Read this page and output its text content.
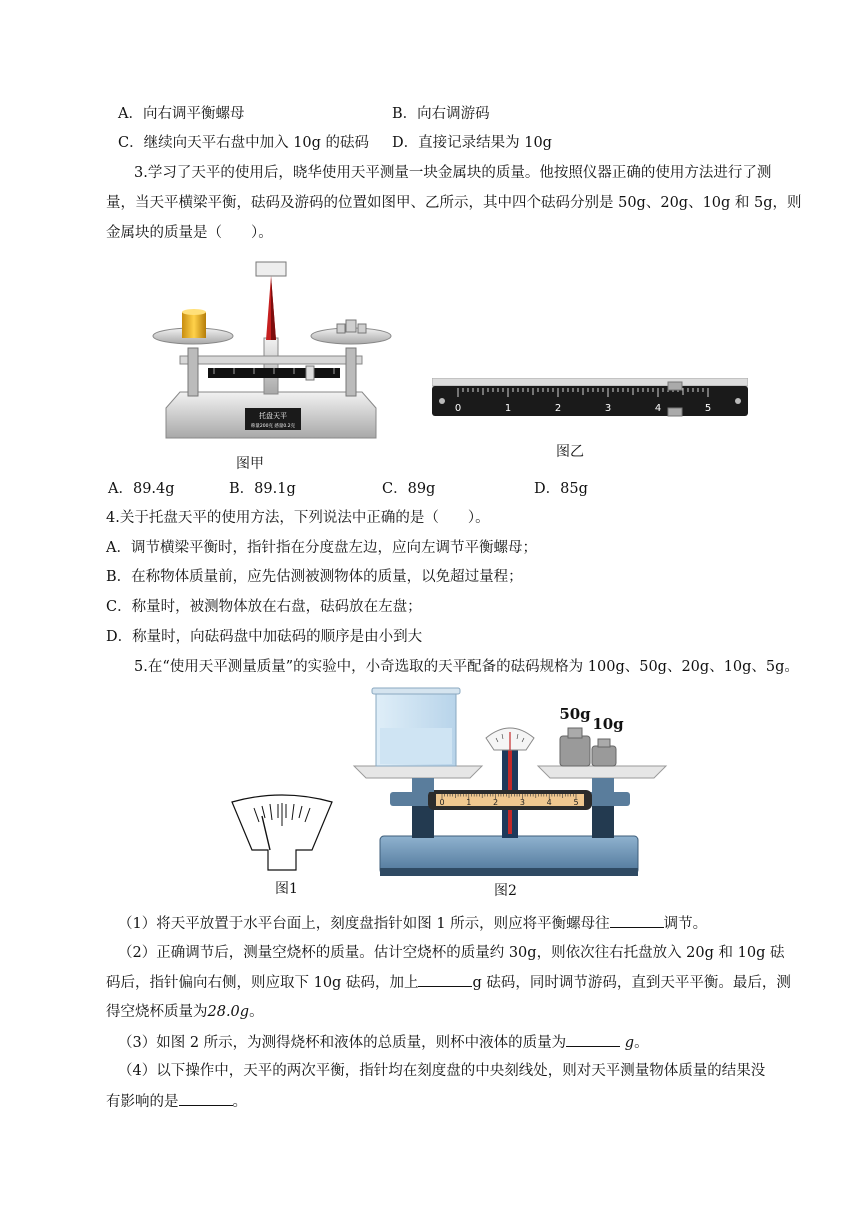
A．向右调平衡螺母	B．向右调游码
C．继续向天平右盘中加入 10g 的砝码 D．直接记录结果为 10g
3.学习了天平的使用后，晓华使用天平测量一块金属块的质量。他按照仪器正确的使用方法进行了测
量，当天平横梁平衡，砝码及游码的位置如图甲、乙所示，其中四个砝码分别是 50g、20g、10g 和 5g，则
金属块的质量是（　　）。
托盘天平
称量200克 感量0.2克
图甲
0	1	2	3	4	5
图乙
A．89.4g	B．89.1g	C．89g	D．85g
4.关于托盘天平的使用方法，下列说法中正确的是（　　）。
A．调节横梁平衡时，指针指在分度盘左边，应向左调节平衡螺母；
B．在称物体质量前，应先估测被测物体的质量，以免超过量程；
C．称量时，被测物体放在右盘，砝码放在左盘；
D．称量时，向砝码盘中加砝码的顺序是由小到大
5.在“使用天平测量质量”的实验中，小奇选取的天平配备的砝码规格为 100g、50g、20g、10g、5g。
图1
0	1	2	3	4	5
50g
10g
图2
（1）将天平放置于水平台面上，刻度盘指针如图 1 所示，则应将平衡螺母往	调节。
（2）正确调节后，测量空烧杯的质量。估计空烧杯的质量约 30g，则依次往右托盘放入 20g 和 10g 砝
码后，指针偏向右侧，则应取下 10g 砝码，加上	g 砝码，同时调节游码，直到天平平衡。最后，测
得空烧杯质量为28.0g。
（3）如图 2 所示，为测得烧杯和液体的总质量，则杯中液体的质量为	g。
（4）以下操作中，天平的两次平衡，指针均在刻度盘的中央刻线处，则对天平测量物体质量的结果没
有影响的是	。
